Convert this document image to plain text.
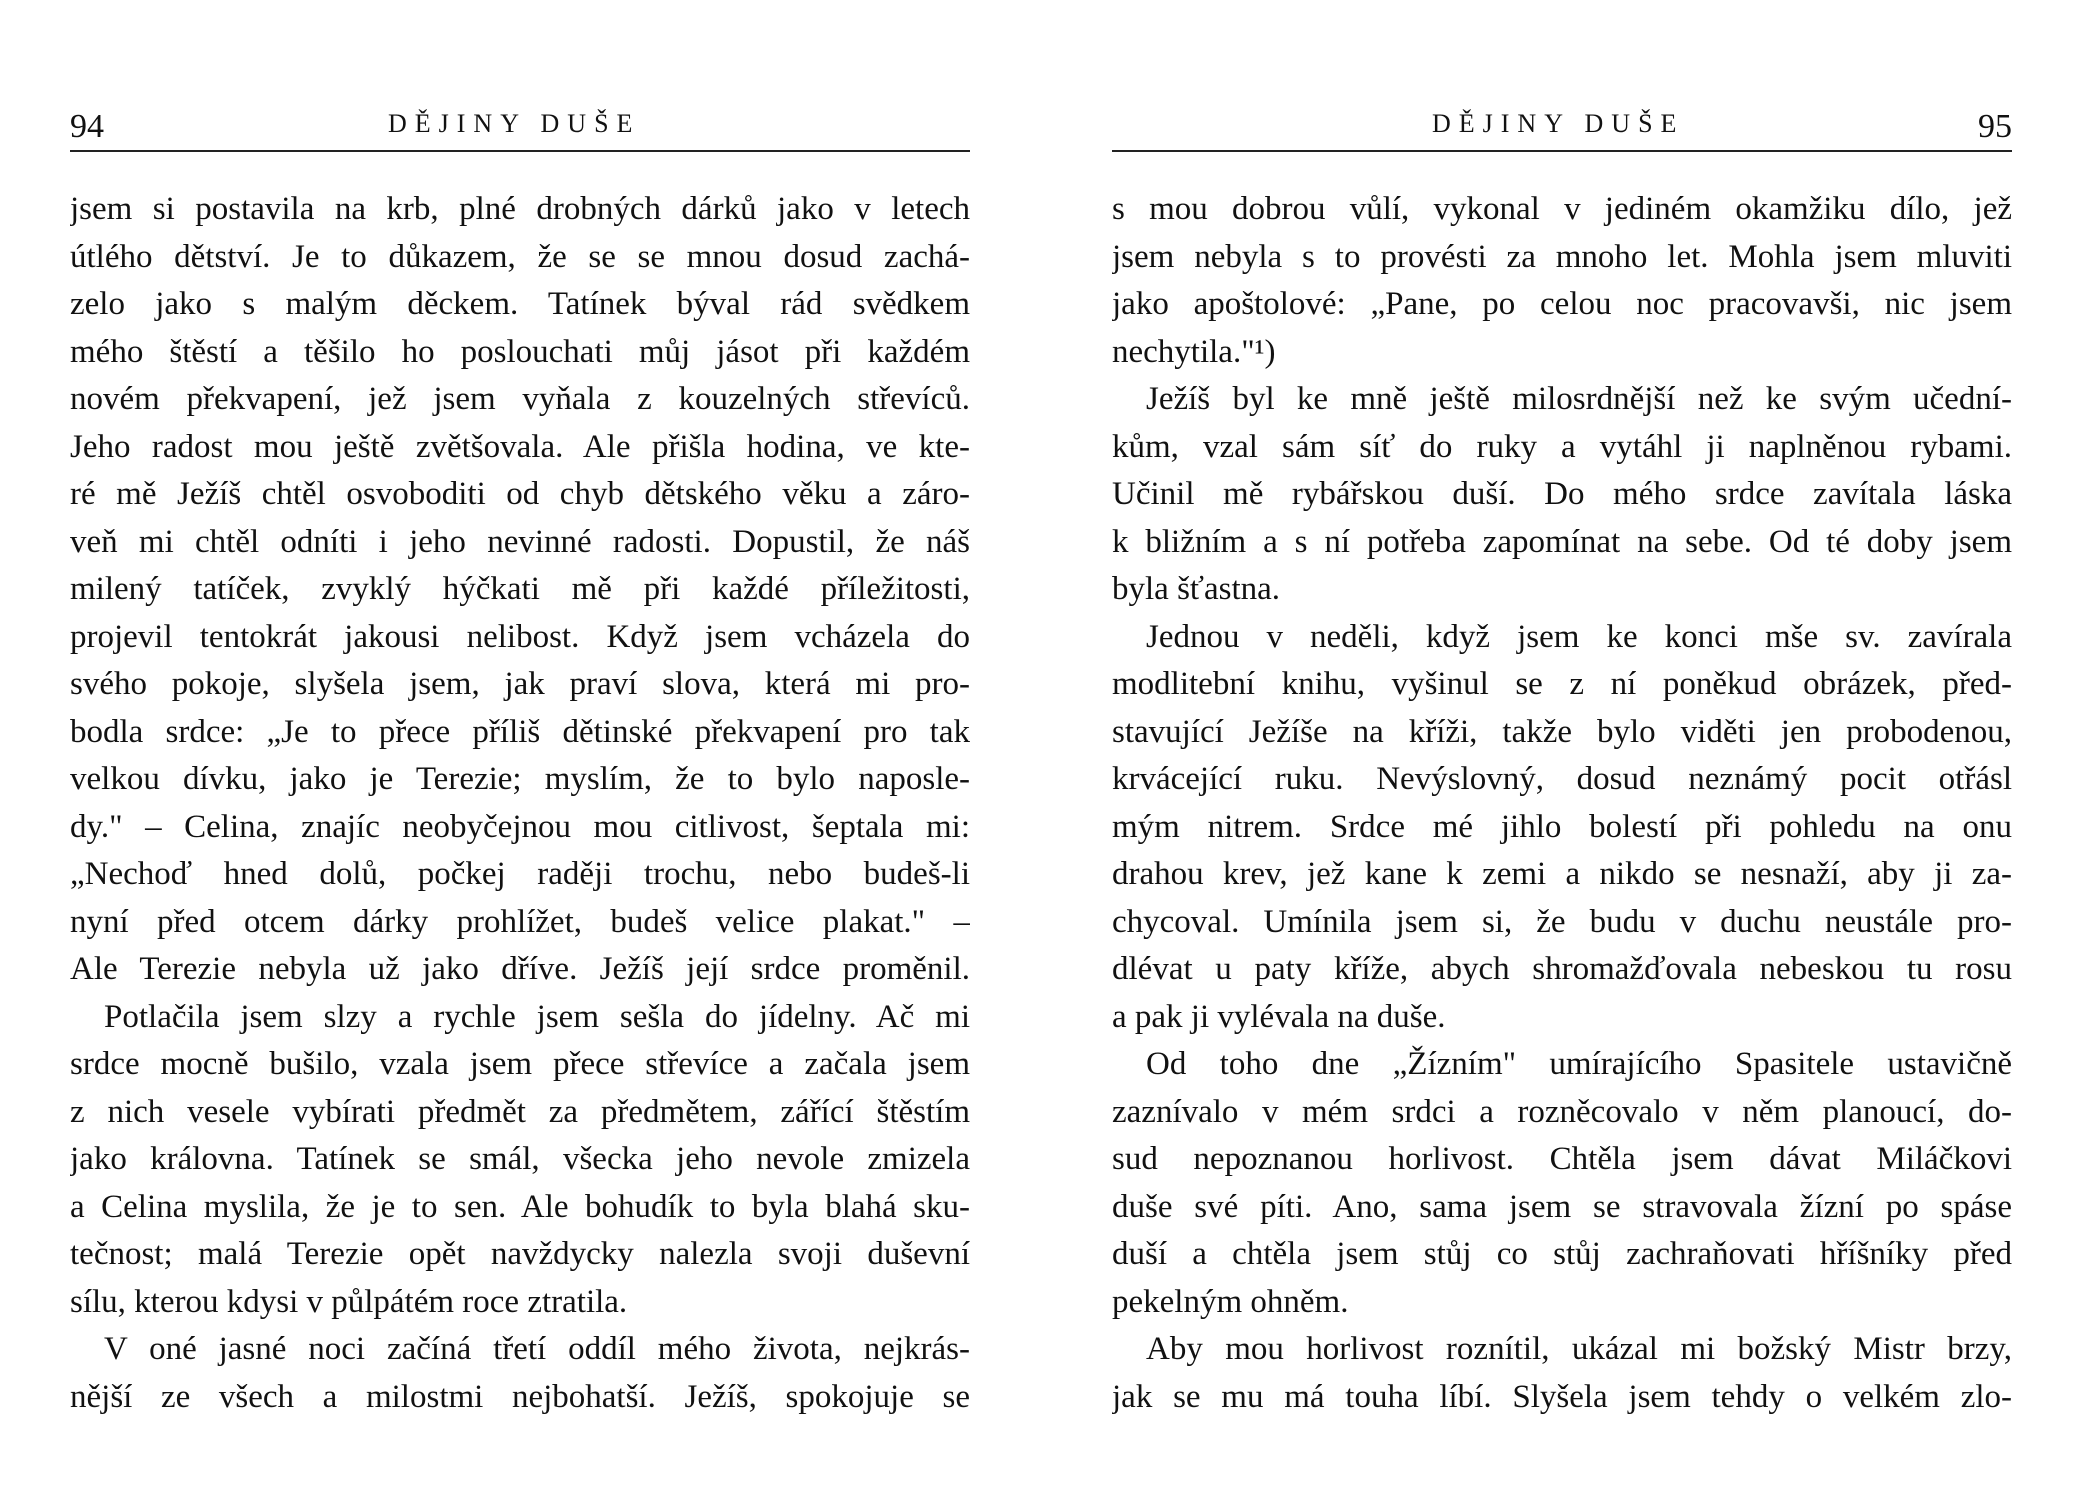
94	DĚJINY DUŠE
jsem si postavila na krb, plné drobných dárků jako v letech
útlého dětství. Je to důkazem, že se se mnou dosud zachá-
zelo jako s malým děckem. Tatínek býval rád svědkem
mého štěstí a těšilo ho poslouchati můj jásot při každém
novém překvapení, jež jsem vyňala z kouzelných střevíců.
Jeho radost mou ještě zvětšovala. Ale přišla hodina, ve kte-
ré mě Ježíš chtěl osvoboditi od chyb dětského věku a záro-
veň mi chtěl odníti i jeho nevinné radosti. Dopustil, že náš
milený tatíček, zvyklý hýčkati mě při každé příležitosti,
projevil tentokrát jakousi nelibost. Když jsem vcházela do
svého pokoje, slyšela jsem, jak praví slova, která mi pro-
bodla srdce: „Je to přece příliš dětinské překvapení pro tak
velkou dívku, jako je Terezie; myslím, že to bylo naposle-
dy." – Celina, znajíc neobyčejnou mou citlivost, šeptala mi:
„Nechoď hned dolů, počkej raději trochu, nebo budeš-li
nyní před otcem dárky prohlížet, budeš velice plakat." –
Ale Terezie nebyla už jako dříve. Ježíš její srdce proměnil.
Potlačila jsem slzy a rychle jsem sešla do jídelny. Ač mi
srdce mocně bušilo, vzala jsem přece střevíce a začala jsem
z nich vesele vybírati předmět za předmětem, zářící štěstím
jako královna. Tatínek se smál, všecka jeho nevole zmizela
a Celina myslila, že je to sen. Ale bohudík to byla blahá sku-
tečnost; malá Terezie opět navždycky nalezla svoji duševní
sílu, kterou kdysi v půlpátém roce ztratila.
V oné jasné noci začíná třetí oddíl mého života, nejkrás-
nější ze všech a milostmi nejbohatší. Ježíš, spokojuje se
DĚJINY DUŠE	95
s mou dobrou vůlí, vykonal v jediném okamžiku dílo, jež
jsem nebyla s to provésti za mnoho let. Mohla jsem mluviti
jako apoštolové: „Pane, po celou noc pracovavši, nic jsem
nechytila."¹)
Ježíš byl ke mně ještě milosrdnější než ke svým učední-
kům, vzal sám síť do ruky a vytáhl ji naplněnou rybami.
Učinil mě rybářskou duší. Do mého srdce zavítala láska
k bližním a s ní potřeba zapomínat na sebe. Od té doby jsem
byla šťastna.
Jednou v neděli, když jsem ke konci mše sv. zavírala
modlitební knihu, vyšinul se z ní poněkud obrázek, před-
stavující Ježíše na kříži, takže bylo viděti jen probodenou,
krvácející ruku. Nevýslovný, dosud neznámý pocit otřásl
mým nitrem. Srdce mé jihlo bolestí při pohledu na onu
drahou krev, jež kane k zemi a nikdo se nesnaží, aby ji za-
chycoval. Umínila jsem si, že budu v duchu neustále pro-
dlévat u paty kříže, abych shromažďovala nebeskou tu rosu
a pak ji vylévala na duše.
Od toho dne „Žízním" umírajícího Spasitele ustavičně
zaznívalo v mém srdci a rozněcovalo v něm planoucí, do-
sud nepoznanou horlivost. Chtěla jsem dávat Miláčkovi
duše své píti. Ano, sama jsem se stravovala žízní po spáse
duší a chtěla jsem stůj co stůj zachraňovati hříšníky před
pekelným ohněm.
Aby mou horlivost roznítil, ukázal mi božský Mistr brzy,
jak se mu má touha líbí. Slyšela jsem tehdy o velkém zlo-
